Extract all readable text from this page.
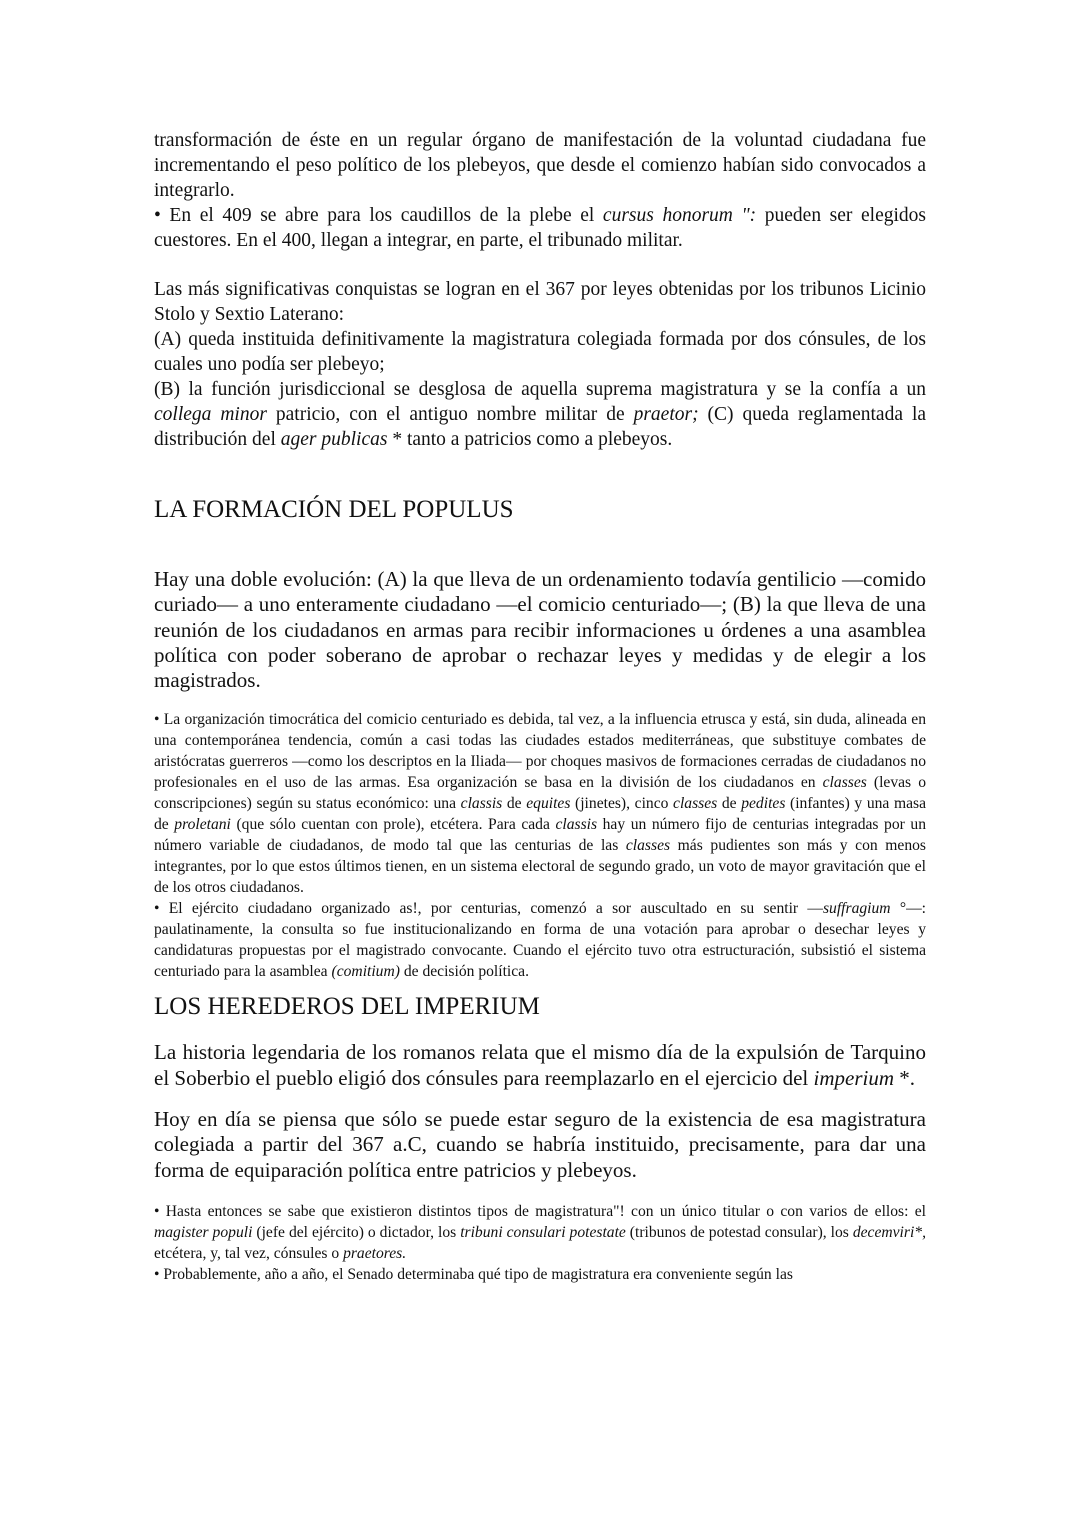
transformación de éste en un regular órgano de manifestación de la voluntad ciudadana fue incrementando el peso político de los plebeyos, que desde el comienzo habían sido convocados a integrarlo.

• En el 409 se abre para los caudillos de la plebe el cursus honorum ": pueden ser elegidos cuestores. En el 400, llegan a integrar, en parte, el tribunado militar.

Las más significativas conquistas se logran en el 367 por leyes obtenidas por los tribunos Licinio Stolo y Sextio Laterano:

(A) queda instituida definitivamente la magistratura colegiada formada por dos cónsules, de los cuales uno podía ser plebeyo;

(B) la función jurisdiccional se desglosa de aquella suprema magistratura y se la confía a un collega minor patricio, con el antiguo nombre militar de praetor; (C) queda reglamentada la distribución del ager publicas * tanto a patricios como a plebeyos.

LA FORMACIÓN DEL POPULUS

Hay una doble evolución: (A) la que lleva de un ordenamiento todavía gentilicio —comido curiado— a uno enteramente ciudadano —el comicio centuriado—; (B) la que lleva de una reunión de los ciudadanos en armas para recibir informaciones u órdenes a una asamblea política con poder soberano de aprobar o rechazar leyes y medidas y de elegir a los magistrados.

• La organización timocrática del comicio centuriado es debida, tal vez, a la influencia etrusca y está, sin duda, alineada en una contemporánea tendencia, común a casi todas las ciudades estados mediterráneas, que substituye combates de aristócratas guerreros —como los descriptos en la Iliada— por choques masivos de formaciones cerradas de ciudadanos no profesionales en el uso de las armas. Esa organización se basa en la división de los ciudadanos en classes (levas o conscripciones) según su status económico: una classis de equites (jinetes), cinco classes de pedites (infantes) y una masa de proletani (que sólo cuentan con prole), etcétera. Para cada classis hay un número fijo de centurias integradas por un número variable de ciudadanos, de modo tal que las centurias de las classes más pudientes son más y con menos integrantes, por lo que estos últimos tienen, en un sistema electoral de segundo grado, un voto de mayor gravitación que el de los otros ciudadanos.

• El ejército ciudadano organizado as!, por centurias, comenzó a sor auscultado en su sentir —suffragium °—: paulatinamente, la consulta so fue institucionalizando en forma de una votación para aprobar o desechar leyes y candidaturas propuestas por el magistrado convocante. Cuando el ejército tuvo otra estructuración, subsistió el sistema centuriado para la asamblea (comitium) de decisión política.

LOS HEREDEROS DEL IMPERIUM

La historia legendaria de los romanos relata que el mismo día de la expulsión de Tarquino el Soberbio el pueblo eligió dos cónsules para reemplazarlo en el ejercicio del imperium *.

Hoy en día se piensa que sólo se puede estar seguro de la existencia de esa magistratura colegiada a partir del 367 a.C, cuando se habría instituido, precisamente, para dar una forma de equiparación política entre patricios y plebeyos.

• Hasta entonces se sabe que existieron distintos tipos de magistratura"! con un único titular o con varios de ellos: el magister populi (jefe del ejército) o dictador, los tribuni consulari potestate (tribunos de potestad consular), los decemviri*, etcétera, y, tal vez, cónsules o praetores.

• Probablemente, año a año, el Senado determinaba qué tipo de magistratura era conveniente según las
